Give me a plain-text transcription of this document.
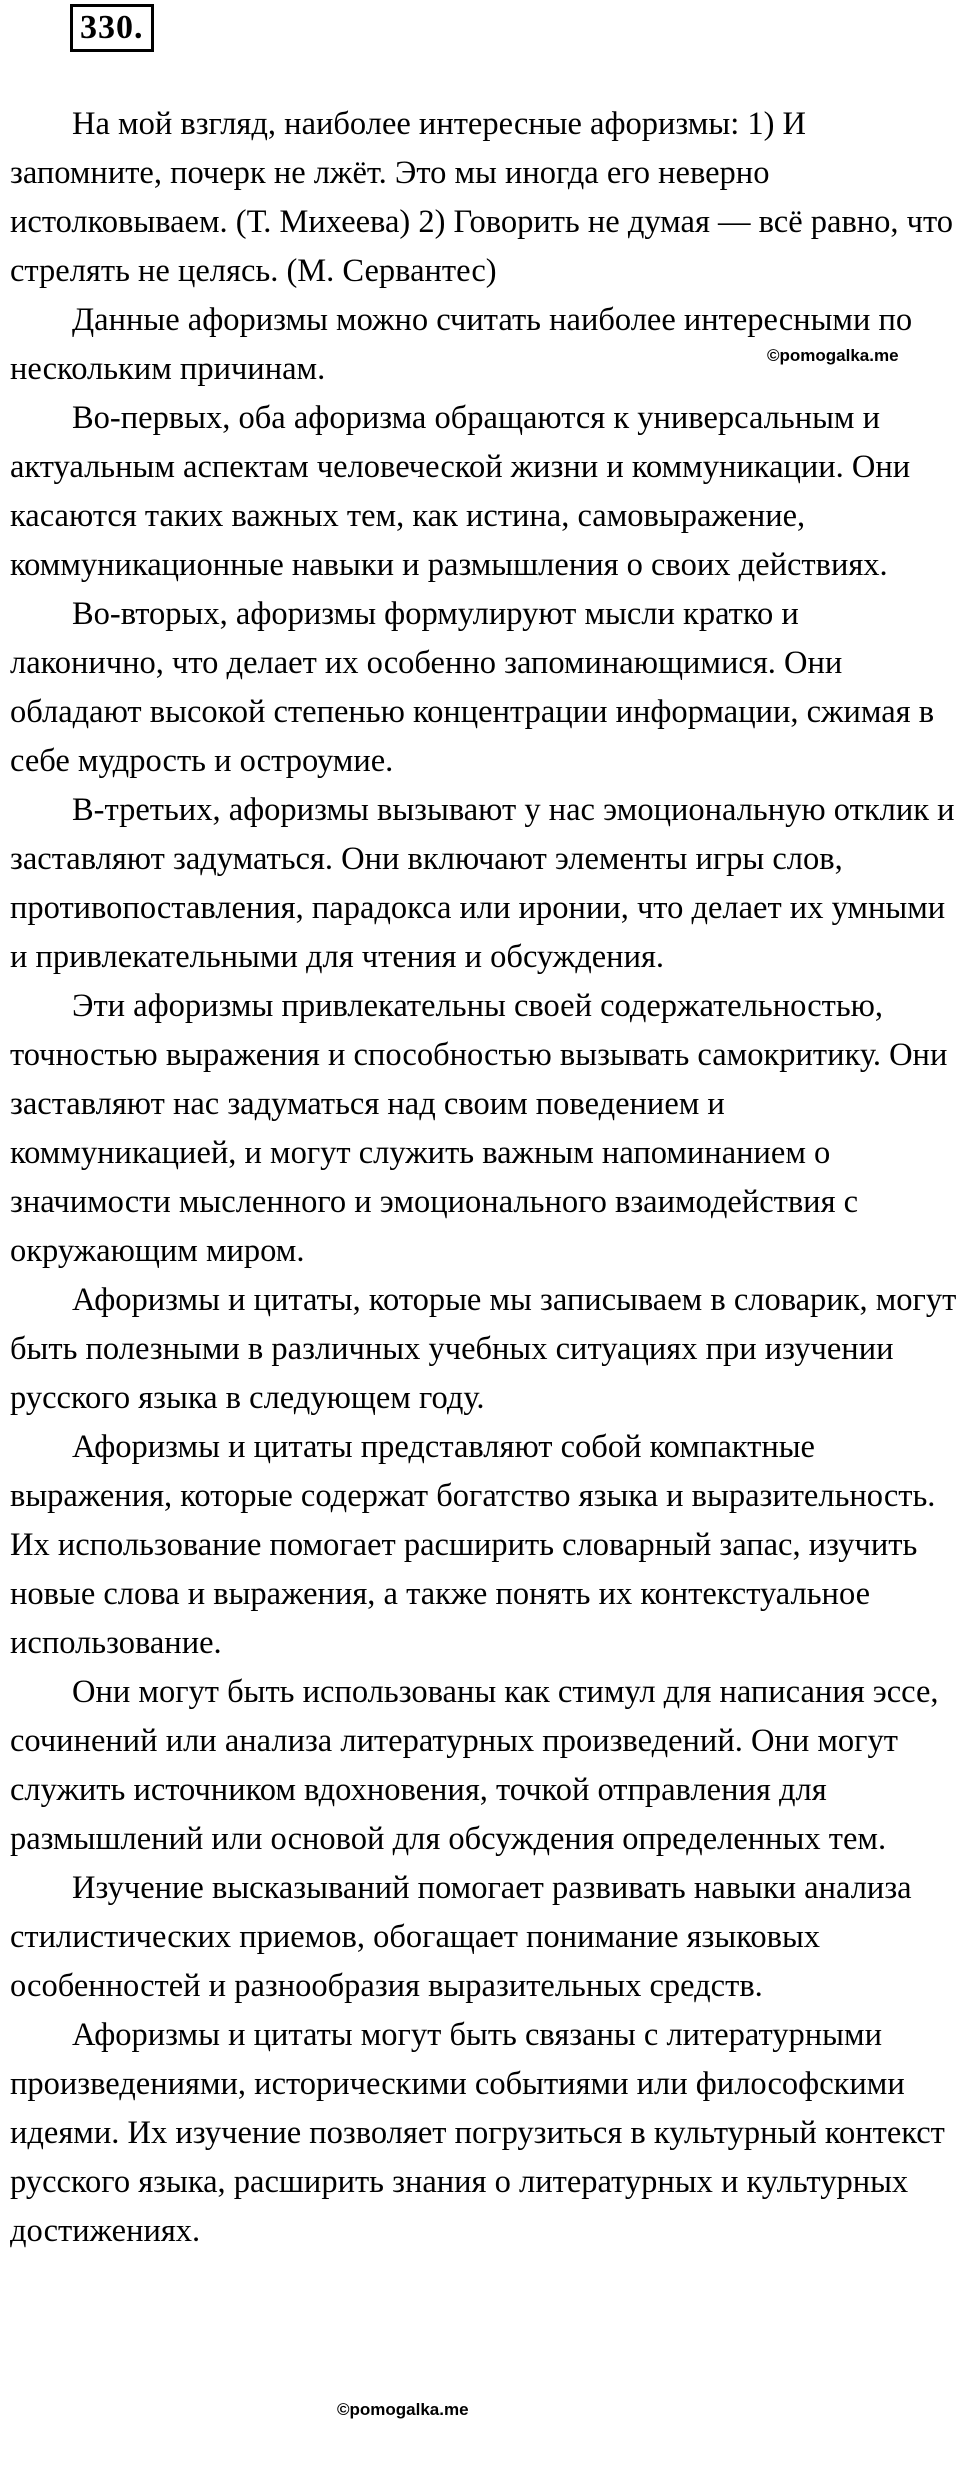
330.

На мой взгляд, наиболее интересные афоризмы: 1) И запомните, почерк не лжёт. Это мы иногда его неверно истолковываем. (Т. Михеева) 2) Говорить не думая — всё равно, что стрелять не целясь. (М. Сервантес)

Данные афоризмы можно считать наиболее интересными по нескольким причинам.

Во-первых, оба афоризма обращаются к универсальным и актуальным аспектам человеческой жизни и коммуникации. Они касаются таких важных тем, как истина, самовыражение, коммуникационные навыки и размышления о своих действиях.

Во-вторых, афоризмы формулируют мысли кратко и лаконично, что делает их особенно запоминающимися. Они обладают высокой степенью концентрации информации, сжимая в себе мудрость и остроумие.

В-третьих, афоризмы вызывают у нас эмоциональную отклик и заставляют задуматься. Они включают элементы игры слов, противопоставления, парадокса или иронии, что делает их умными и привлекательными для чтения и обсуждения.

Эти афоризмы привлекательны своей содержательностью, точностью выражения и способностью вызывать самокритику. Они заставляют нас задуматься над своим поведением и коммуникацией, и могут служить важным напоминанием о значимости мысленного и эмоционального взаимодействия с окружающим миром.

Афоризмы и цитаты, которые мы записываем в словарик, могут быть полезными в различных учебных ситуациях при изучении русского языка в следующем году.

Афоризмы и цитаты представляют собой компактные выражения, которые содержат богатство языка и выразительность. Их использование помогает расширить словарный запас, изучить новые слова и выражения, а также понять их контекстуальное использование.

Они могут быть использованы как стимул для написания эссе, сочинений или анализа литературных произведений. Они могут служить источником вдохновения, точкой отправления для размышлений или основой для обсуждения определенных тем.

Изучение высказываний помогает развивать навыки анализа стилистических приемов, обогащает понимание языковых особенностей и разнообразия выразительных средств.

Афоризмы и цитаты могут быть связаны с литературными произведениями, историческими событиями или философскими идеями. Их изучение позволяет погрузиться в культурный контекст русского языка, расширить знания о литературных и культурных достижениях.

©pomogalka.me
©pomogalka.me
